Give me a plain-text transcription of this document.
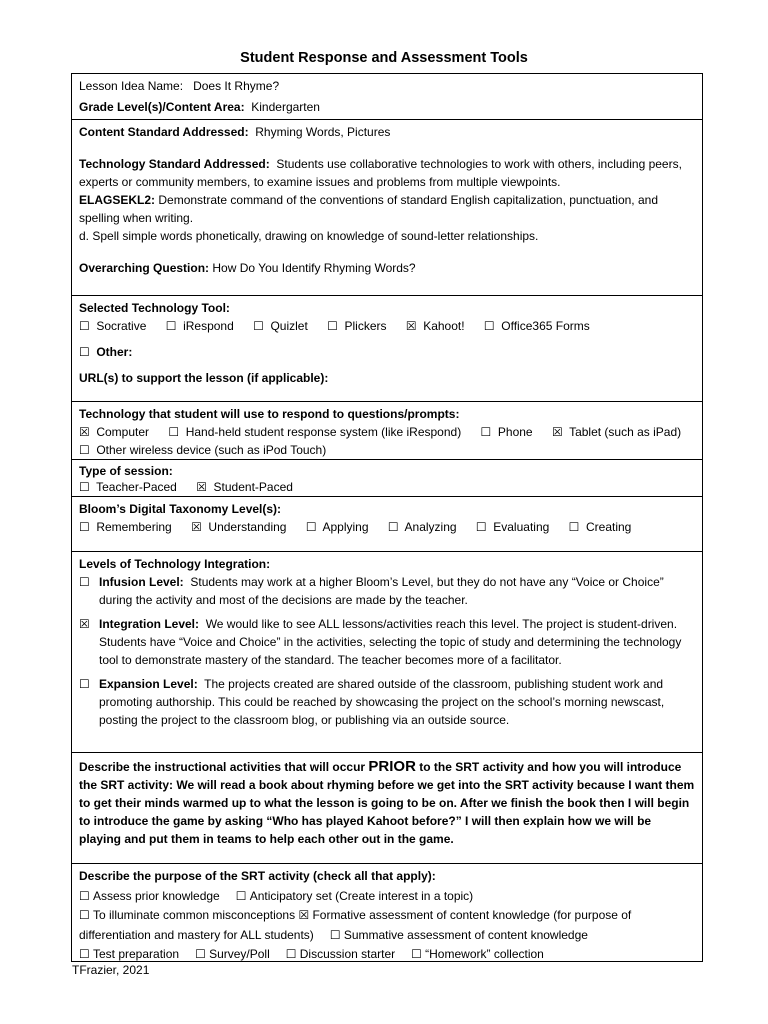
Student Response and Assessment Tools
Lesson Idea Name: Does It Rhyme?
Grade Level(s)/Content Area: Kindergarten
Content Standard Addressed: Rhyming Words, Pictures
Technology Standard Addressed: Students use collaborative technologies to work with others, including peers, experts or community members, to examine issues and problems from multiple viewpoints.
ELAGSEKL2: Demonstrate command of the conventions of standard English capitalization, punctuation, and spelling when writing.
d. Spell simple words phonetically, drawing on knowledge of sound-letter relationships.
Overarching Question: How Do You Identify Rhyming Words?
Selected Technology Tool:
☐ Socrative ☐ iRespond ☐ Quizlet ☐ Plickers ☒ Kahoot! ☐ Office365 Forms
☐ Other:
URL(s) to support the lesson (if applicable):
Technology that student will use to respond to questions/prompts:
☒ Computer ☐ Hand-held student response system (like iRespond) ☐ Phone ☒ Tablet (such as iPad)
☐ Other wireless device (such as iPod Touch)
Type of session:
☐ Teacher-Paced ☒ Student-Paced
Bloom’s Digital Taxonomy Level(s):
☐ Remembering ☒ Understanding ☐ Applying ☐ Analyzing ☐ Evaluating ☐ Creating
Levels of Technology Integration:
☐ Infusion Level: Students may work at a higher Bloom’s Level, but they do not have any “Voice or Choice” during the activity and most of the decisions are made by the teacher.
☒ Integration Level: We would like to see ALL lessons/activities reach this level. The project is student-driven. Students have “Voice and Choice” in the activities, selecting the topic of study and determining the technology tool to demonstrate mastery of the standard. The teacher becomes more of a facilitator.
☐ Expansion Level: The projects created are shared outside of the classroom, publishing student work and promoting authorship. This could be reached by showcasing the project on the school’s morning newscast, posting the project to the classroom blog, or publishing via an outside source.
Describe the instructional activities that will occur PRIOR to the SRT activity and how you will introduce the SRT activity: We will read a book about rhyming before we get into the SRT activity because I want them to get their minds warmed up to what the lesson is going to be on. After we finish the book then I will begin to introduce the game by asking “Who has played Kahoot before?” I will then explain how we will be playing and put them in teams to help each other out in the game.
Describe the purpose of the SRT activity (check all that apply):
☐ Assess prior knowledge ☐ Anticipatory set (Create interest in a topic)☐ To illuminate common misconceptions ☒ Formative assessment of content knowledge (for purpose of differentiation and mastery for ALL students) ☐ Summative assessment of content knowledge☐ Test preparation ☐ Survey/Poll ☐ Discussion starter ☐ “Homework” collection
TFrazier, 2021
